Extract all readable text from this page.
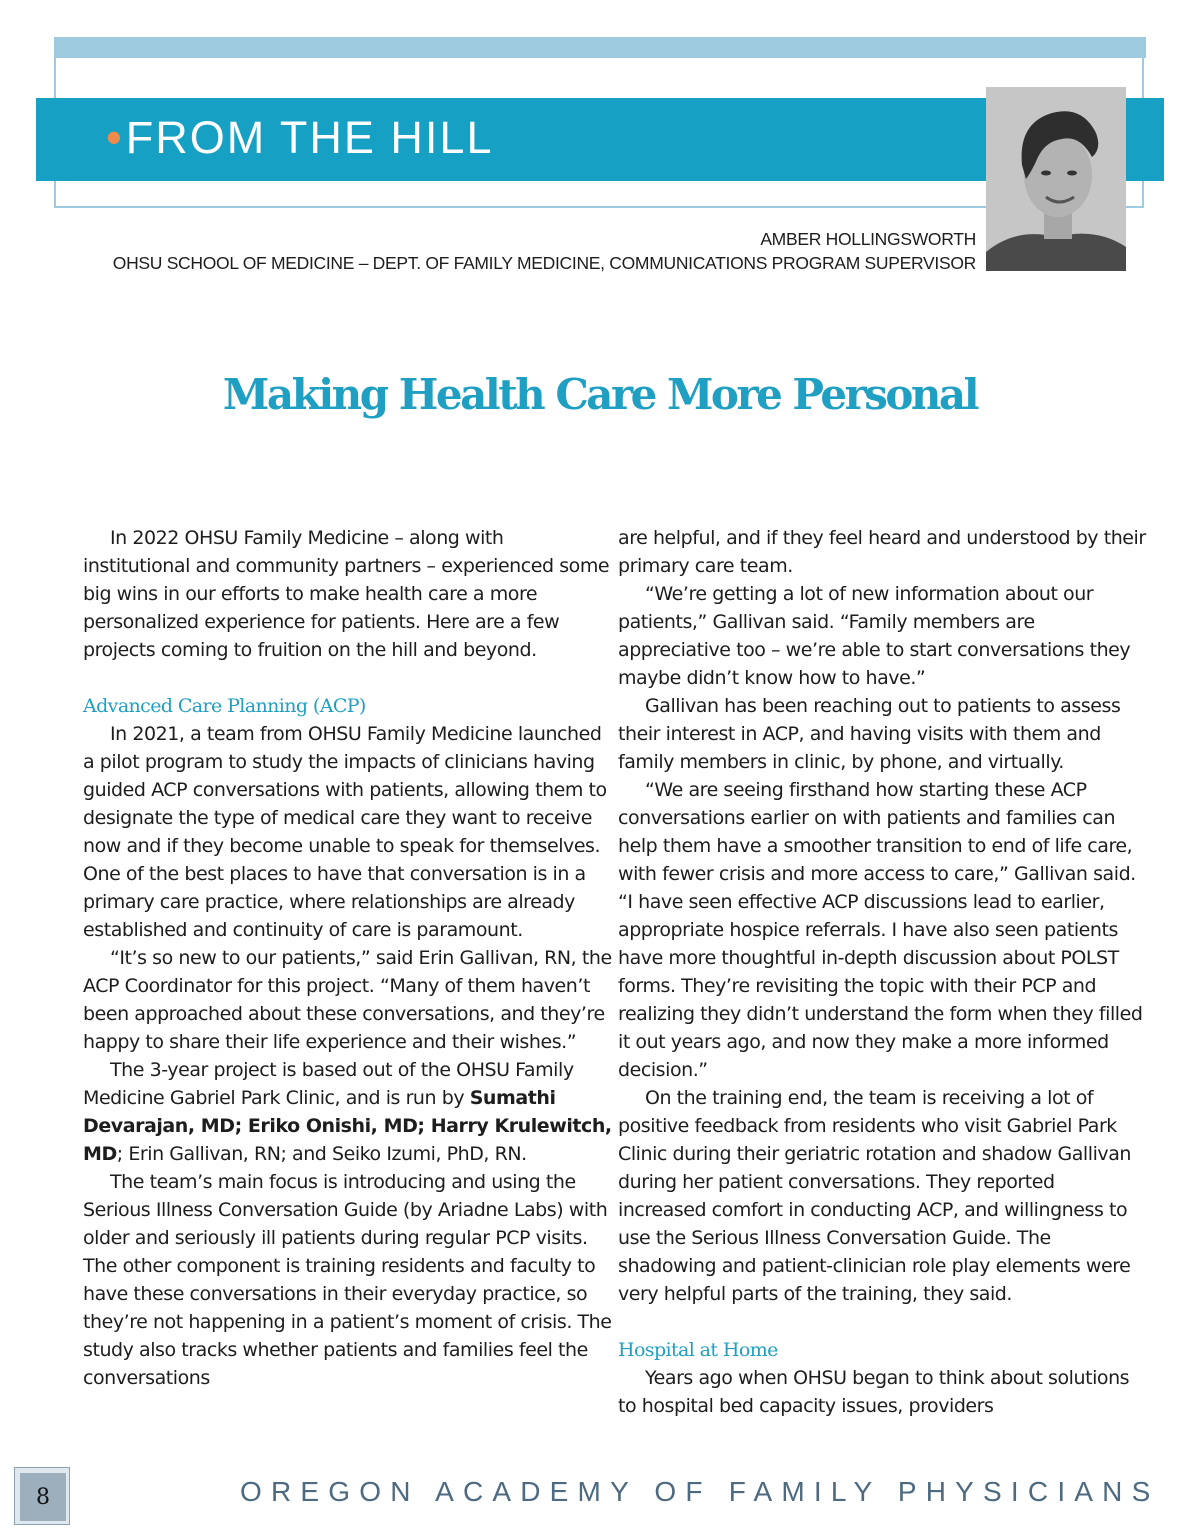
• FROM THE HILL
AMBER HOLLINGSWORTH
OHSU SCHOOL OF MEDICINE – DEPT. OF FAMILY MEDICINE, COMMUNICATIONS PROGRAM SUPERVISOR
Making Health Care More Personal

In 2022 OHSU Family Medicine – along with institutional and community partners – experienced some big wins in our efforts to make health care a more personalized experience for patients. Here are a few projects coming to fruition on the hill and beyond.

Advanced Care Planning (ACP)

In 2021, a team from OHSU Family Medicine launched a pilot program to study the impacts of clinicians having guided ACP conversations with patients, allowing them to designate the type of medical care they want to receive now and if they become unable to speak for themselves. One of the best places to have that conversation is in a primary care practice, where relationships are already established and continuity of care is paramount.

“It’s so new to our patients,” said Erin Gallivan, RN, the ACP Coordinator for this project. “Many of them haven’t been approached about these conversations, and they’re happy to share their life experience and their wishes.”

The 3-year project is based out of the OHSU Family Medicine Gabriel Park Clinic, and is run by Sumathi Devarajan, MD; Eriko Onishi, MD; Harry Krulewitch, MD; Erin Gallivan, RN; and Seiko Izumi, PhD, RN.

The team’s main focus is introducing and using the Serious Illness Conversation Guide (by Ariadne Labs) with older and seriously ill patients during regular PCP visits. The other component is training residents and faculty to have these conversations in their everyday practice, so they’re not happening in a patient’s moment of crisis. The study also tracks whether patients and families feel the conversations

are helpful, and if they feel heard and understood by their primary care team.

“We’re getting a lot of new information about our patients,” Gallivan said. “Family members are appreciative too – we’re able to start conversations they maybe didn’t know how to have.”

Gallivan has been reaching out to patients to assess their interest in ACP, and having visits with them and family members in clinic, by phone, and virtually.

“We are seeing firsthand how starting these ACP conversations earlier on with patients and families can help them have a smoother transition to end of life care, with fewer crisis and more access to care,” Gallivan said. “I have seen effective ACP discussions lead to earlier, appropriate hospice referrals. I have also seen patients have more thoughtful in-depth discussion about POLST forms. They’re revisiting the topic with their PCP and realizing they didn’t understand the form when they filled it out years ago, and now they make a more informed decision.”

On the training end, the team is receiving a lot of positive feedback from residents who visit Gabriel Park Clinic during their geriatric rotation and shadow Gallivan during her patient conversations. They reported increased comfort in conducting ACP, and willingness to use the Serious Illness Conversation Guide. The shadowing and patient-clinician role play elements were very helpful parts of the training, they said.

Hospital at Home

Years ago when OHSU began to think about solutions to hospital bed capacity issues, providers

8	OREGON ACADEMY OF FAMILY PHYSICIANS
